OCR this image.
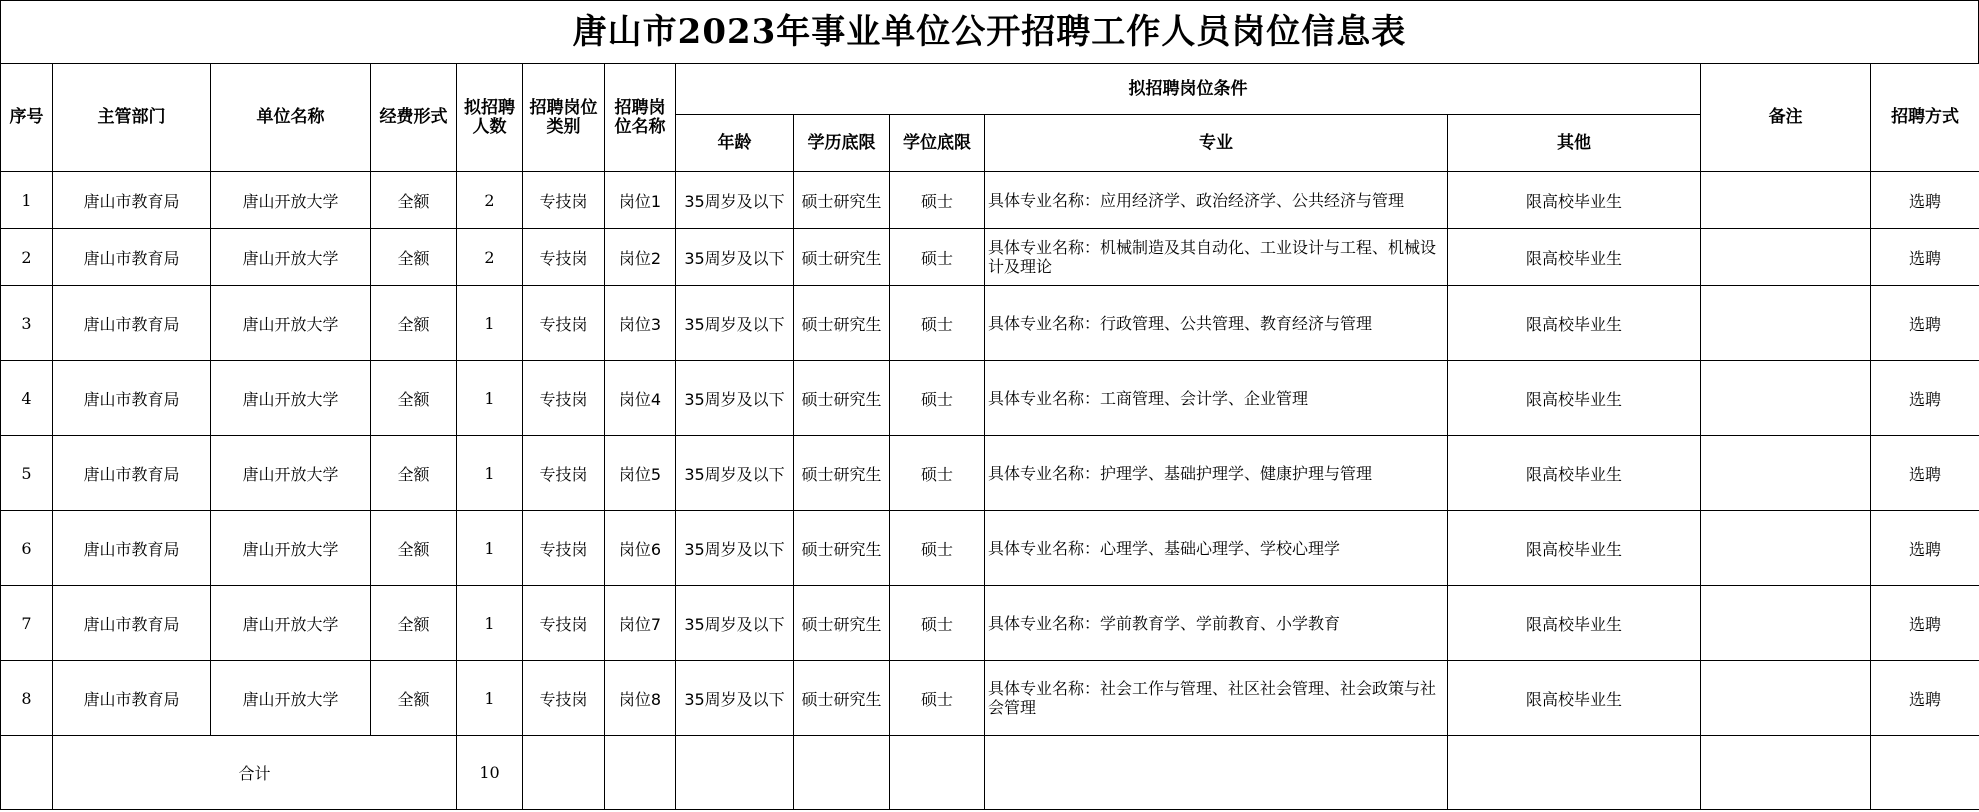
唐山市2023年事业单位公开招聘工作人员岗位信息表
序号	主管部门	单位名称	经费形式	拟招聘人数	招聘岗位类别	招聘岗位名称	拟招聘岗位条件					备注	招聘方式
							年龄	学历底限	学位底限	专业	其他		
1	唐山市教育局	唐山开放大学	全额	2	专技岗	岗位1	35周岁及以下	硕士研究生	硕士	具体专业名称：应用经济学、政治经济学、公共经济与管理	限高校毕业生		选聘
2	唐山市教育局	唐山开放大学	全额	2	专技岗	岗位2	35周岁及以下	硕士研究生	硕士	具体专业名称：机械制造及其自动化、工业设计与工程、机械设计及理论	限高校毕业生		选聘
3	唐山市教育局	唐山开放大学	全额	1	专技岗	岗位3	35周岁及以下	硕士研究生	硕士	具体专业名称：行政管理、公共管理、教育经济与管理	限高校毕业生		选聘
4	唐山市教育局	唐山开放大学	全额	1	专技岗	岗位4	35周岁及以下	硕士研究生	硕士	具体专业名称：工商管理、会计学、企业管理	限高校毕业生		选聘
5	唐山市教育局	唐山开放大学	全额	1	专技岗	岗位5	35周岁及以下	硕士研究生	硕士	具体专业名称：护理学、基础护理学、健康护理与管理	限高校毕业生		选聘
6	唐山市教育局	唐山开放大学	全额	1	专技岗	岗位6	35周岁及以下	硕士研究生	硕士	具体专业名称：心理学、基础心理学、学校心理学	限高校毕业生		选聘
7	唐山市教育局	唐山开放大学	全额	1	专技岗	岗位7	35周岁及以下	硕士研究生	硕士	具体专业名称：学前教育学、学前教育、小学教育	限高校毕业生		选聘
8	唐山市教育局	唐山开放大学	全额	1	专技岗	岗位8	35周岁及以下	硕士研究生	硕士	具体专业名称：社会工作与管理、社区社会管理、社会政策与社会管理	限高校毕业生		选聘
	合计			10									
